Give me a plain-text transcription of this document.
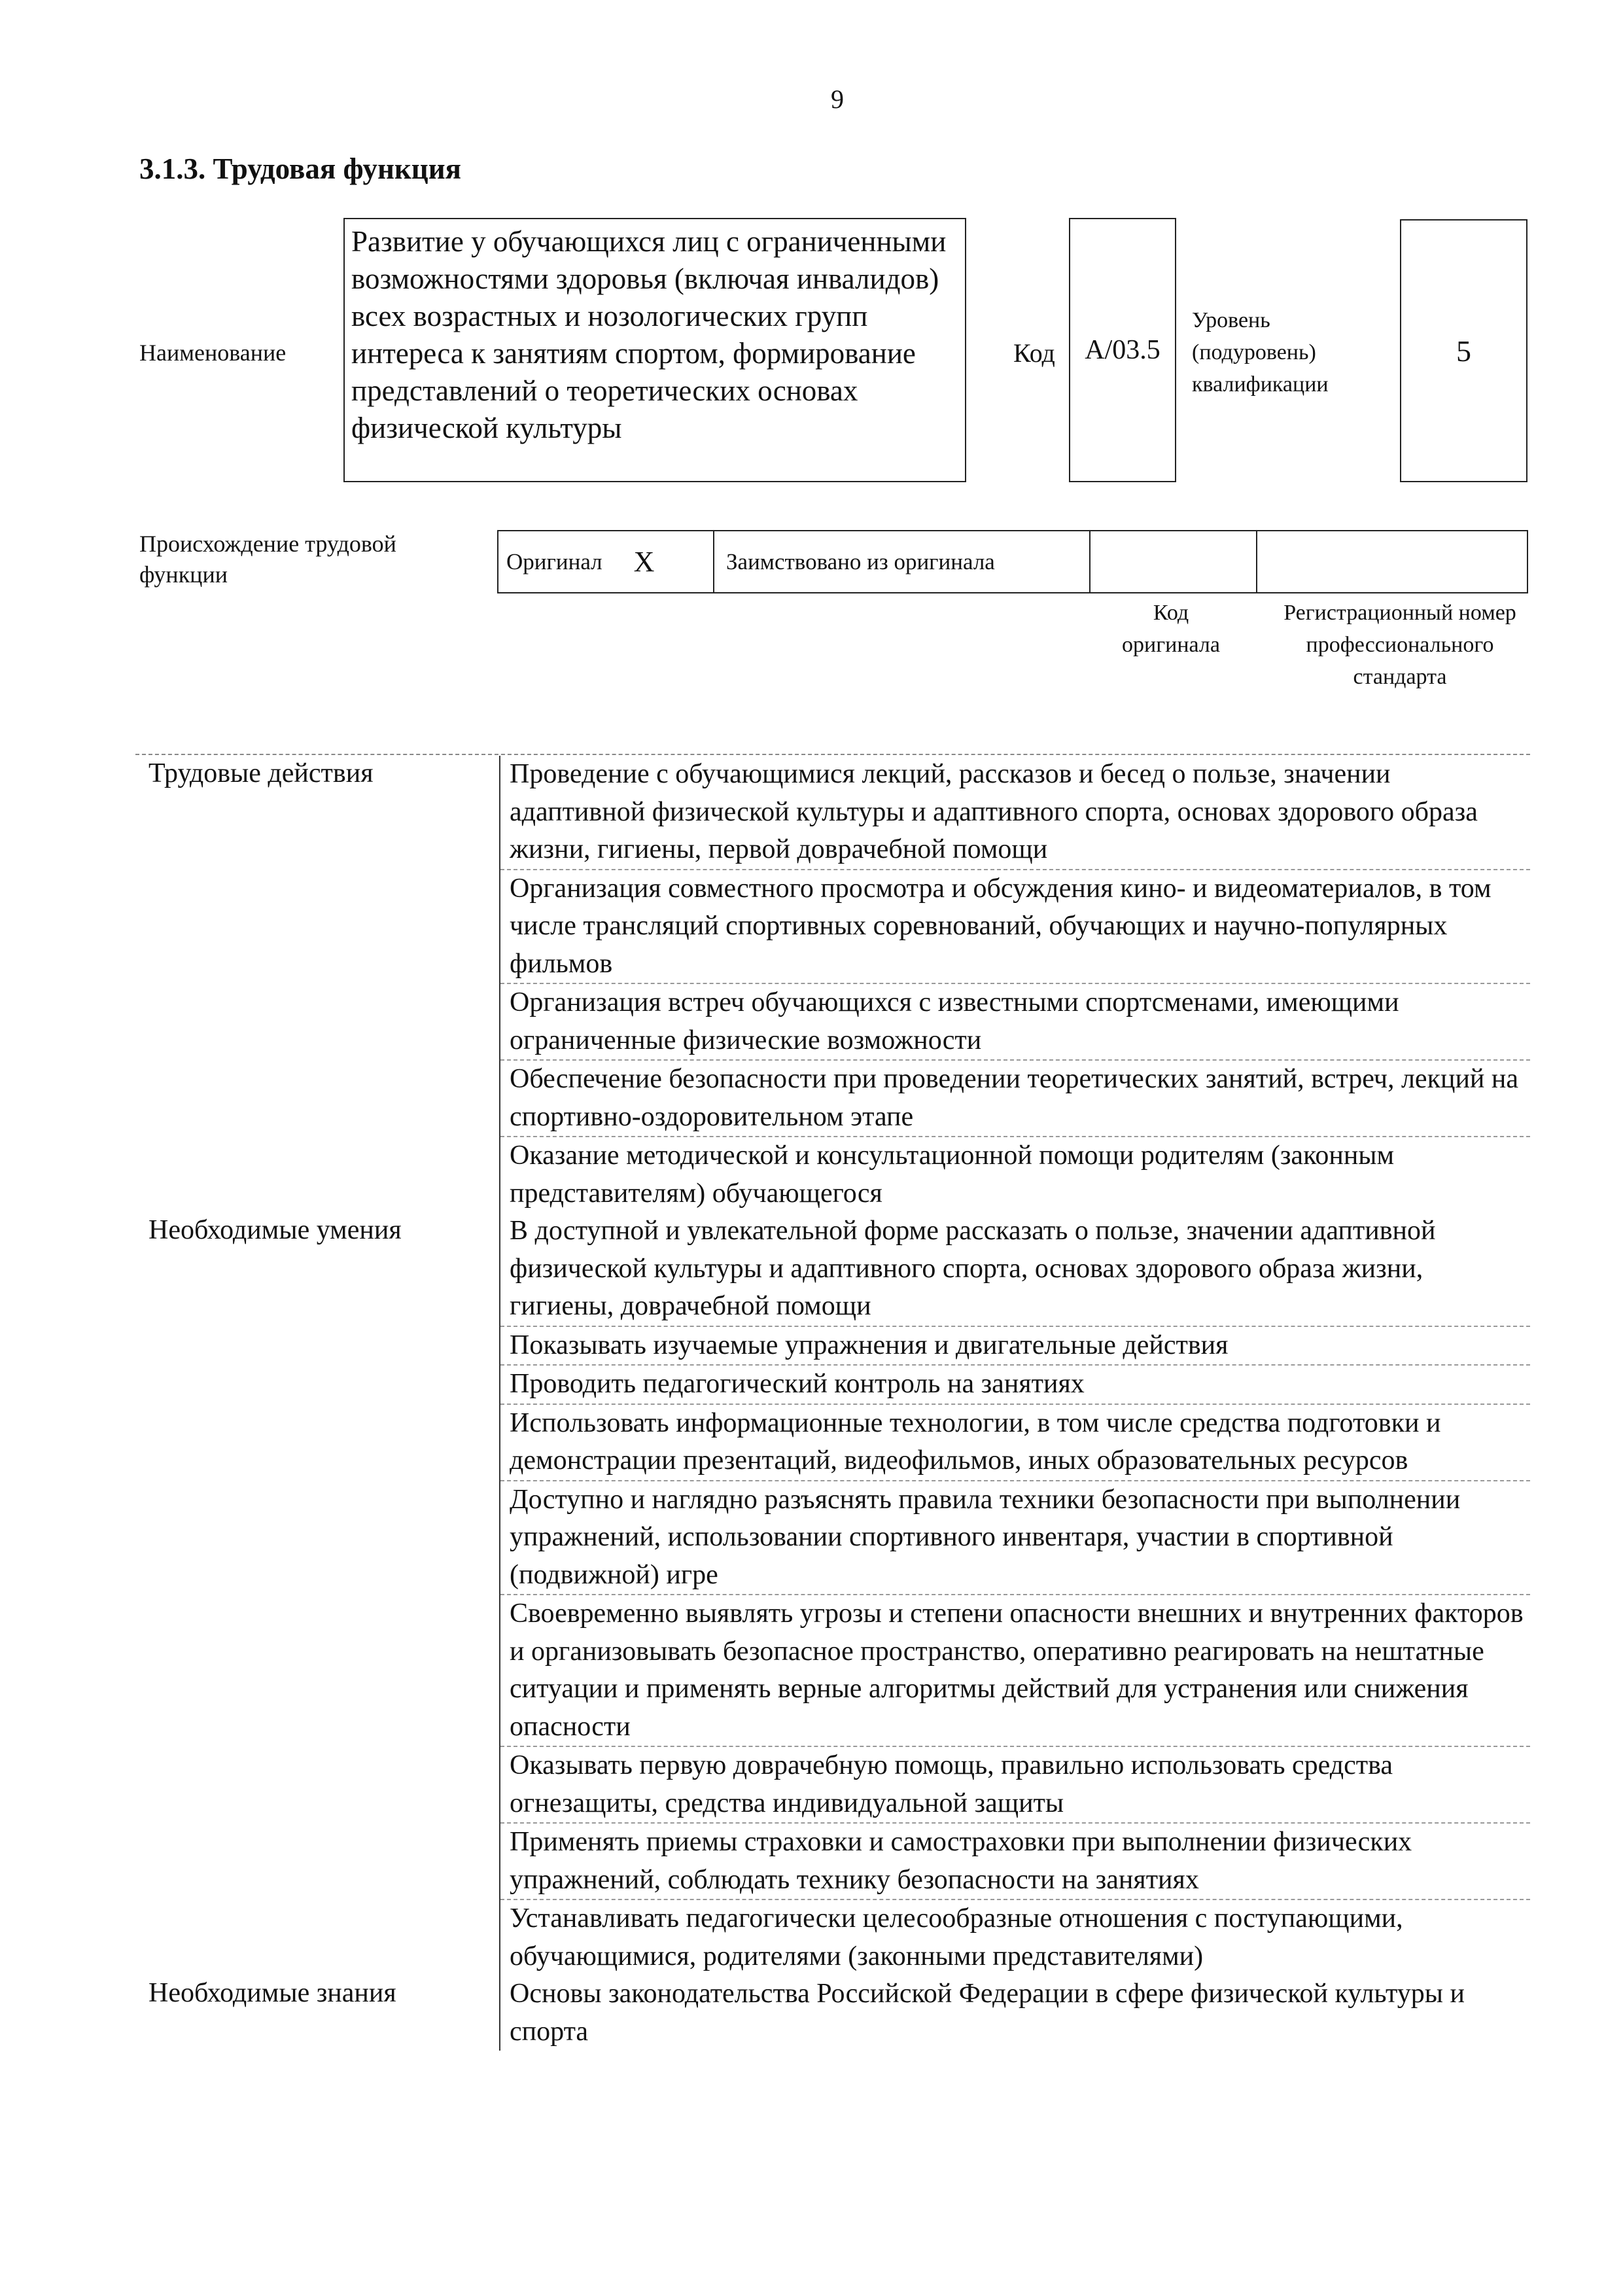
9
3.1.3. Трудовая функция
Наименование
Развитие у обучающихся лиц с ограниченными возможностями здоровья (включая инвалидов) всех возрастных и нозологических групп интереса к занятиям спортом, формирование представлений о теоретических основах физической культуры
Код	A/03.5
Уровень (подуровень) квалификации
5
Происхождение трудовой функции	Оригинал X	Заимствовано из оригинала
Код оригинала
Регистрационный номер профессионального стандарта
Трудовые действия	Проведение с обучающимися лекций, рассказов и бесед о пользе, значении адаптивной физической культуры и адаптивного спорта, основах здорового образа жизни, гигиены, первой доврачебной помощи
Организация совместного просмотра и обсуждения кино- и видеоматериалов, в том числе трансляций спортивных соревнований, обучающих и научно-популярных фильмов
Организация встреч обучающихся с известными спортсменами, имеющими ограниченные физические возможности
Обеспечение безопасности при проведении теоретических занятий, встреч, лекций на спортивно-оздоровительном этапе
Оказание методической и консультационной помощи родителям (законным представителям) обучающегося
Необходимые умения	В доступной и увлекательной форме рассказать о пользе, значении адаптивной физической культуры и адаптивного спорта, основах здорового образа жизни, гигиены, доврачебной помощи
Показывать изучаемые упражнения и двигательные действия
Проводить педагогический контроль на занятиях
Использовать информационные технологии, в том числе средства подготовки и демонстрации презентаций, видеофильмов, иных образовательных ресурсов
Доступно и наглядно разъяснять правила техники безопасности при выполнении упражнений, использовании спортивного инвентаря, участии в спортивной (подвижной) игре
Своевременно выявлять угрозы и степени опасности внешних и внутренних факторов и организовывать безопасное пространство, оперативно реагировать на нештатные ситуации и применять верные алгоритмы действий для устранения или снижения опасности
Оказывать первую доврачебную помощь, правильно использовать средства огнезащиты, средства индивидуальной защиты
Применять приемы страховки и самостраховки при выполнении физических упражнений, соблюдать технику безопасности на занятиях
Устанавливать педагогически целесообразные отношения с поступающими, обучающимися, родителями (законными представителями)
Необходимые знания	Основы законодательства Российской Федерации в сфере физической культуры и спорта
